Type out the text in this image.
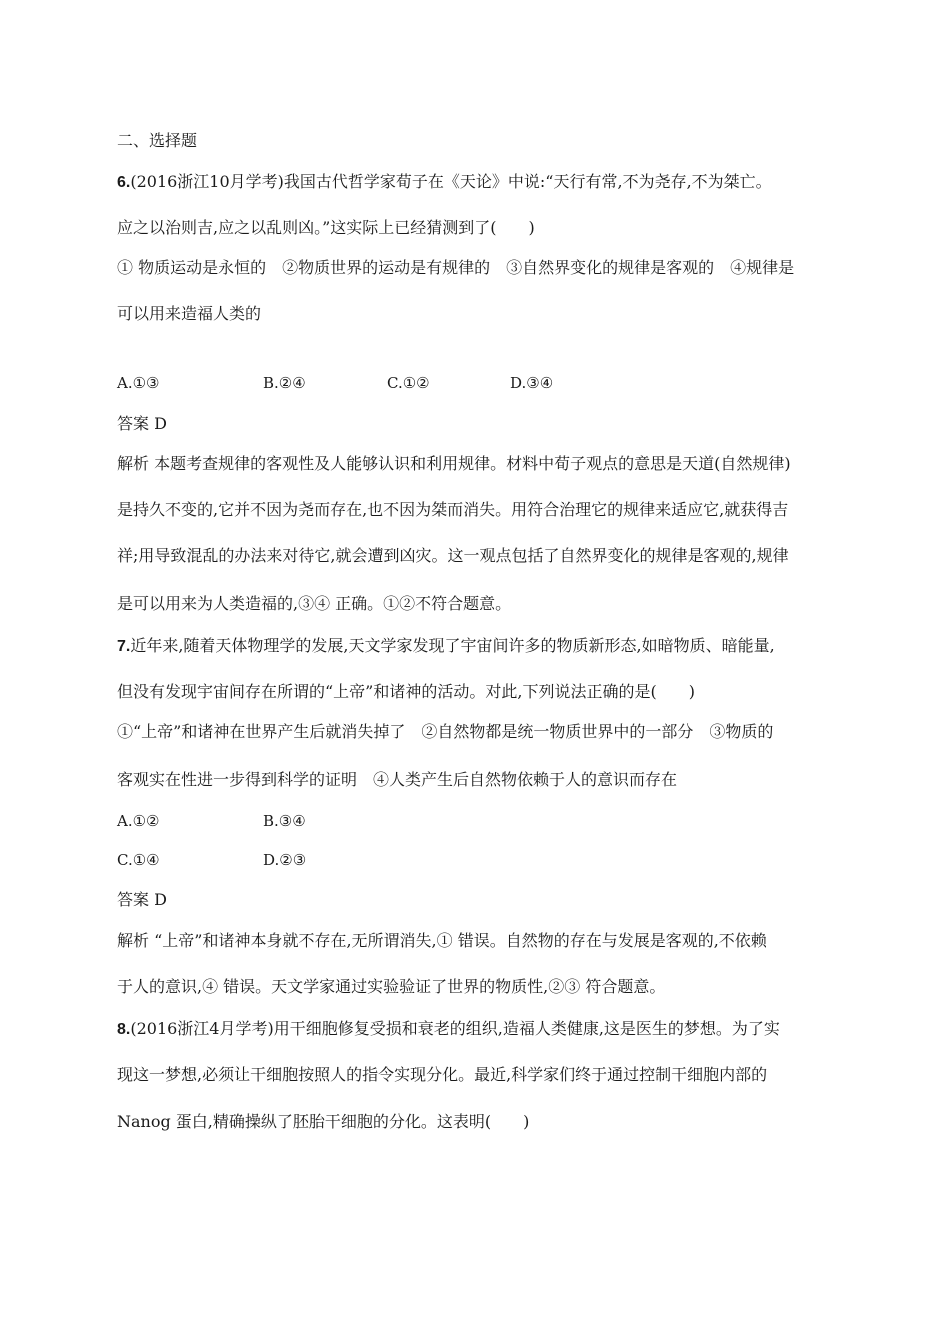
二、选择题
6.(2016浙江10月学考)我国古代哲学家荀子在《天论》中说:“天行有常,不为尧存,不为桀亡。
应之以治则吉,应之以乱则凶。”这实际上已经猜测到了(　　)
① 物质运动是永恒的　②物质世界的运动是有规律的　③自然界变化的规律是客观的　④规律是
可以用来造福人类的
A.①③	B.②④	C.①②	D.③④
答案 D
解析 本题考查规律的客观性及人能够认识和利用规律。材料中荀子观点的意思是天道(自然规律)
是持久不变的,它并不因为尧而存在,也不因为桀而消失。用符合治理它的规律来适应它,就获得吉
祥;用导致混乱的办法来对待它,就会遭到凶灾。这一观点包括了自然界变化的规律是客观的,规律
是可以用来为人类造福的,③④ 正确。①②不符合题意。
7.近年来,随着天体物理学的发展,天文学家发现了宇宙间许多的物质新形态,如暗物质、暗能量,
但没有发现宇宙间存在所谓的“上帝”和诸神的活动。对此,下列说法正确的是(　　)
①“上帝”和诸神在世界产生后就消失掉了　②自然物都是统一物质世界中的一部分　③物质的
客观实在性进一步得到科学的证明　④人类产生后自然物依赖于人的意识而存在
A.①②	B.③④
C.①④	D.②③
答案 D
解析 “上帝”和诸神本身就不存在,无所谓消失,① 错误。自然物的存在与发展是客观的,不依赖
于人的意识,④ 错误。天文学家通过实验验证了世界的物质性,②③ 符合题意。
8.(2016浙江4月学考)用干细胞修复受损和衰老的组织,造福人类健康,这是医生的梦想。为了实
现这一梦想,必须让干细胞按照人的指令实现分化。最近,科学家们终于通过控制干细胞内部的
Nanog 蛋白,精确操纵了胚胎干细胞的分化。这表明(　　)
